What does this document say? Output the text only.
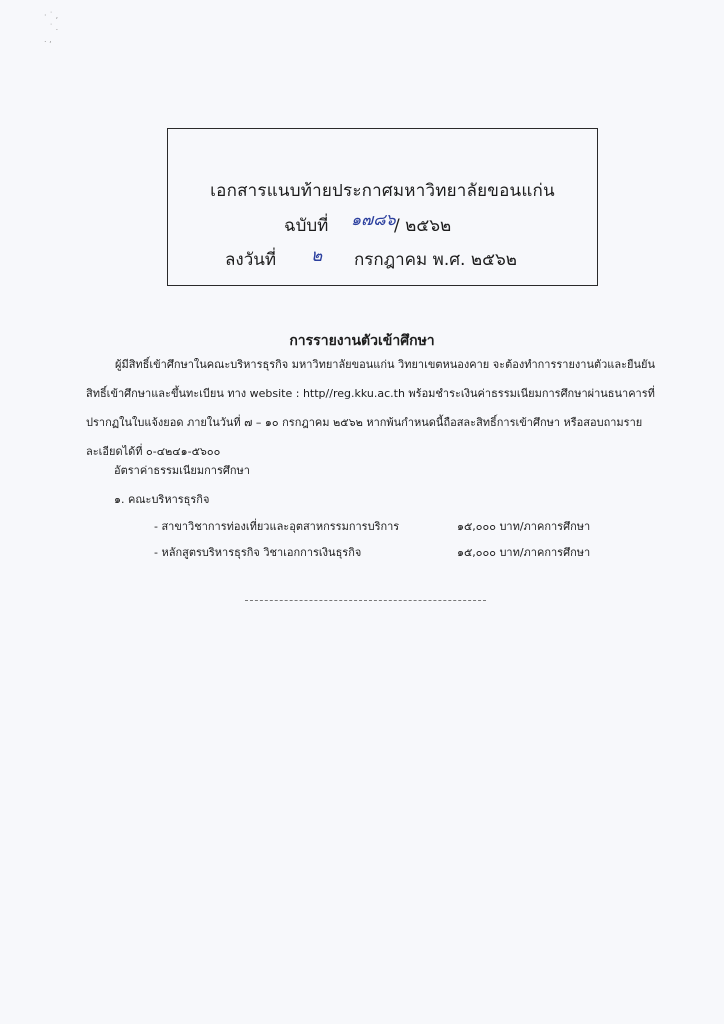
· ˙ ,
˙ .
. ,
เอกสารแนบท้ายประกาศมหาวิทยาลัยขอนแก่น
ฉบับที่ ๑๗๘๖
/ ๒๕๖๒
ลงวันที่ ๒ กรกฎาคม พ.ศ. ๒๕๖๒
การรายงานตัวเข้าศึกษา
ผู้มีสิทธิ์เข้าศึกษาในคณะบริหารธุรกิจ มหาวิทยาลัยขอนแก่น วิทยาเขตหนองคาย จะต้องทำการรายงานตัวและยืนยันสิทธิ์เข้าศึกษาและขึ้นทะเบียน ทาง website : http//reg.kku.ac.th พร้อมชำระเงินค่าธรรมเนียมการศึกษาผ่านธนาคารที่ปรากฏในใบแจ้งยอด ภายในวันที่ ๗ – ๑๐ กรกฎาคม ๒๕๖๒ หากพ้นกำหนดนี้ถือสละสิทธิ์การเข้าศึกษา หรือสอบถามรายละเอียดได้ที่ ๐-๔๒๔๑-๕๖๐๐
อัตราค่าธรรมเนียมการศึกษา
๑. คณะบริหารธุรกิจ
- สาขาวิชาการท่องเที่ยวและอุตสาหกรรมการบริการ	๑๕,๐๐๐ บาท/ภาคการศึกษา
- หลักสูตรบริหารธุรกิจ วิชาเอกการเงินธุรกิจ	๑๕,๐๐๐ บาท/ภาคการศึกษา
